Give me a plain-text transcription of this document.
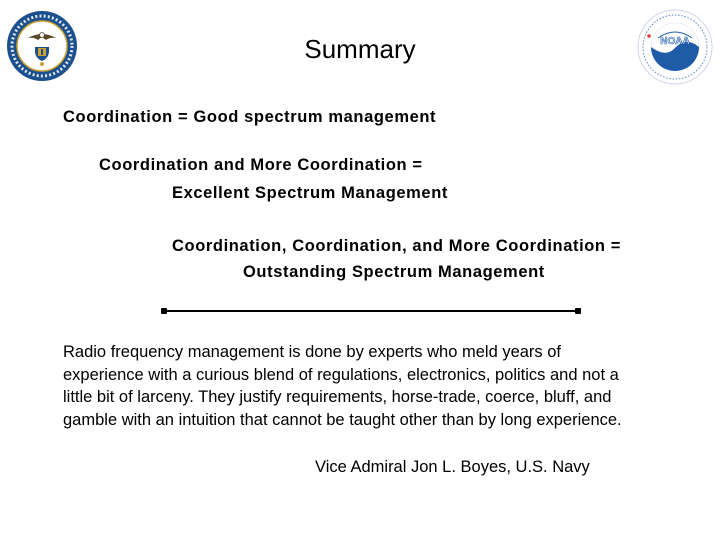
NOAA
Summary
Coordination = Good spectrum management
Coordination and More Coordination =
Excellent Spectrum Management
Coordination, Coordination, and More Coordination =
Outstanding Spectrum Management
Radio frequency management is done by experts who meld years of
experience with a curious blend of regulations, electronics, politics and not a
little bit of larceny. They justify requirements, horse-trade, coerce, bluff, and
gamble with an intuition that cannot be taught other than by long experience.
Vice Admiral Jon L. Boyes, U.S. Navy
